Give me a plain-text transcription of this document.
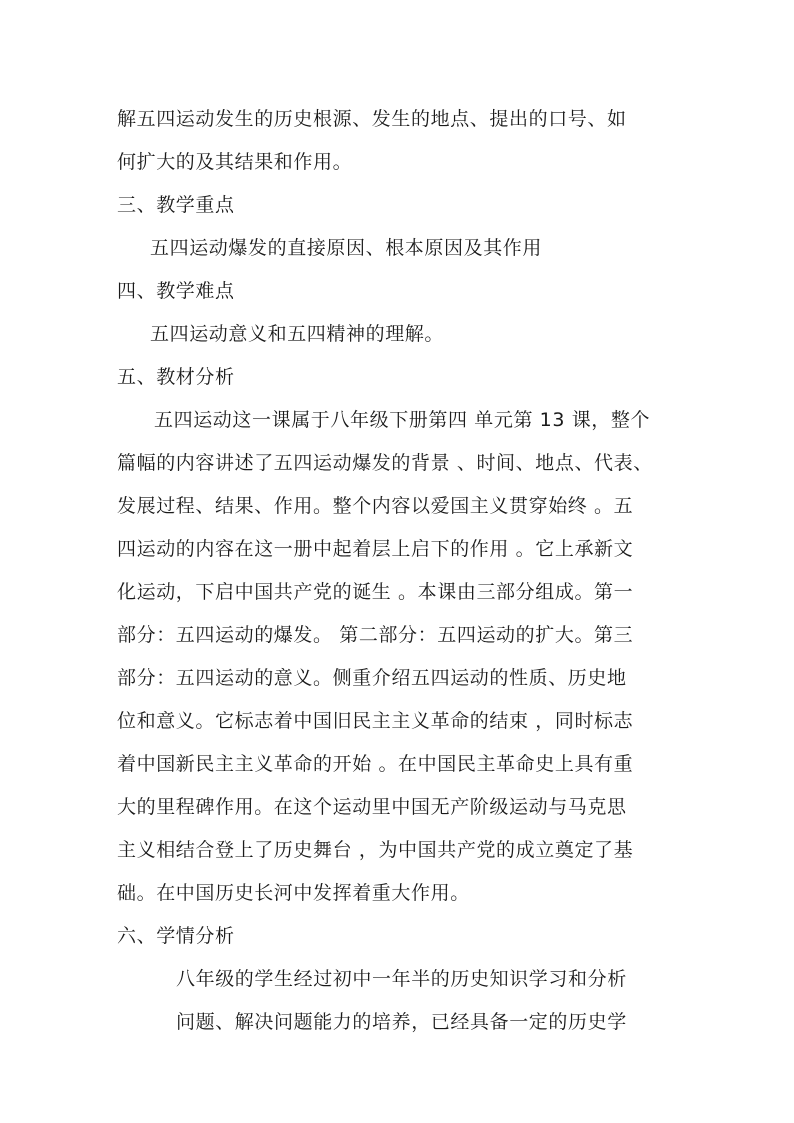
解五四运动发生的历史根源、发生的地点、提出的口号、如
何扩大的及其结果和作用。
三、教学重点
五四运动爆发的直接原因、根本原因及其作用
四、教学难点
五四运动意义和五四精神的理解。
五、教材分析
五四运动这一课属于八年级下册第四 单元第 13 课，整个
篇幅的内容讲述了五四运动爆发的背景 、时间、地点、代表、
发展过程、结果、作用。整个内容以爱国主义贯穿始终 。五
四运动的内容在这一册中起着层上启下的作用 。它上承新文
化运动，下启中国共产党的诞生 。本课由三部分组成。第一
部分：五四运动的爆发。 第二部分：五四运动的扩大。第三
部分：五四运动的意义。侧重介绍五四运动的性质、历史地
位和意义。它标志着中国旧民主主义革命的结束 ，同时标志
着中国新民主主义革命的开始 。在中国民主革命史上具有重
大的里程碑作用。在这个运动里中国无产阶级运动与马克思
主义相结合登上了历史舞台 ，为中国共产党的成立奠定了基
础。在中国历史长河中发挥着重大作用。
六、学情分析
八年级的学生经过初中一年半的历史知识学习和分析
问题、解决问题能力的培养，已经具备一定的历史学
